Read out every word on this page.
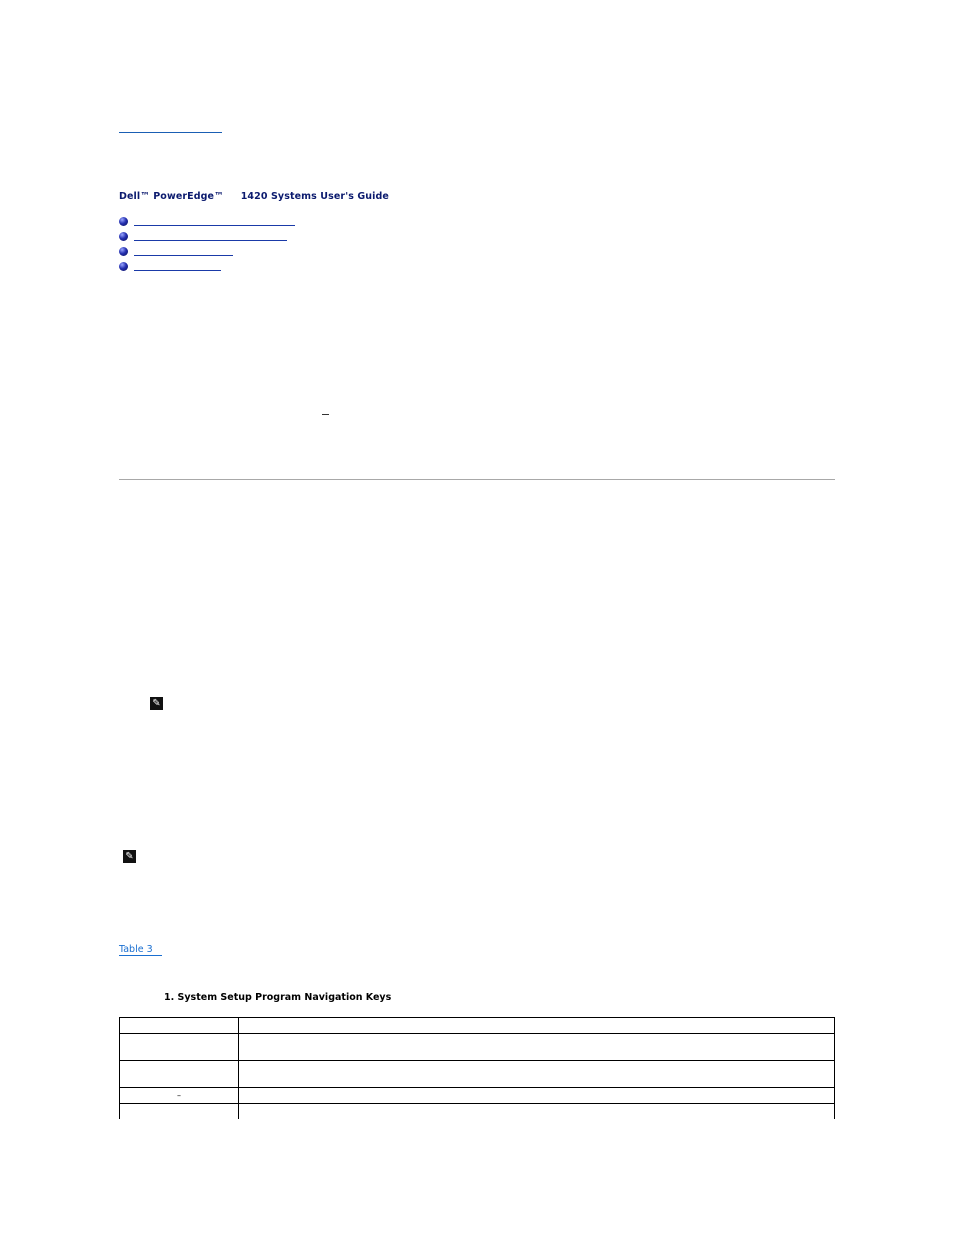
Dell™ PowerEdge™     1420 Systems User's Guide
✎
✎
Table 3
1. System Setup Program Navigation Keys

–	
